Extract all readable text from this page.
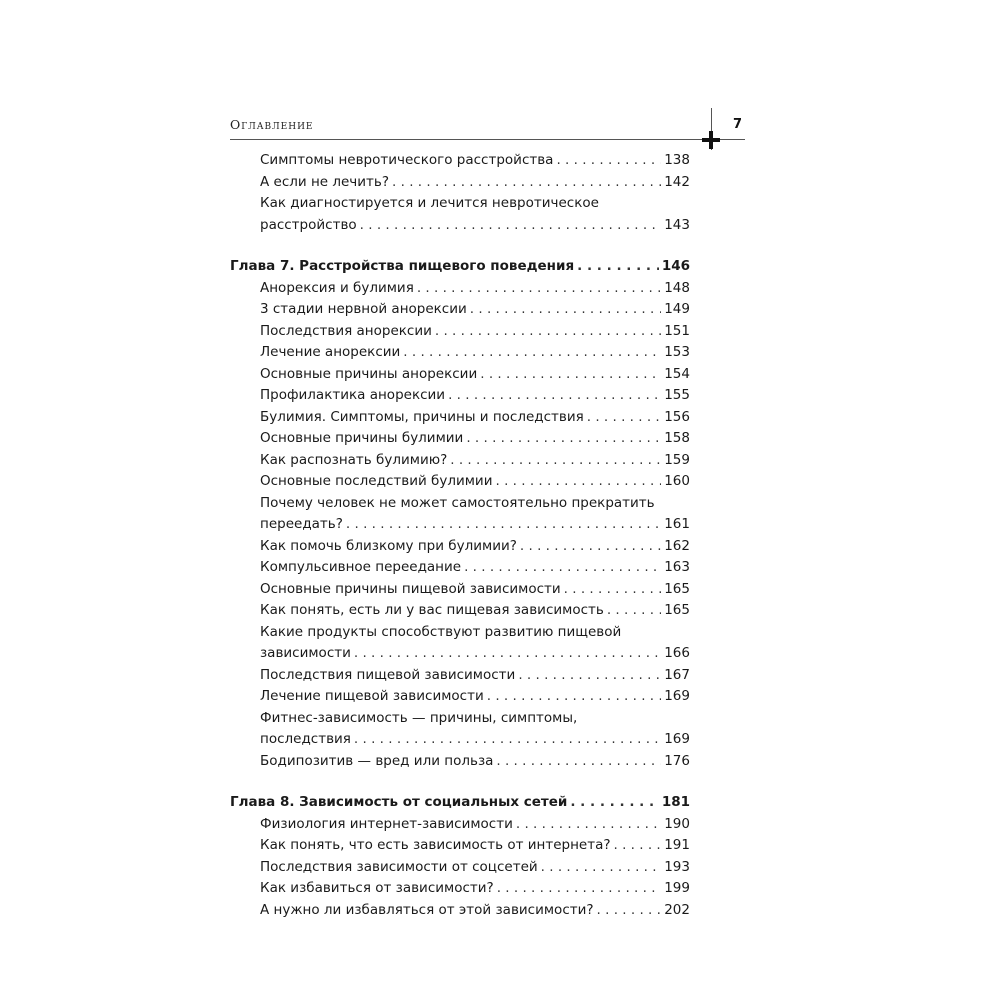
Оглавление	7
Симптомы невротического расстройства . . .	138
А если не лечить? . . .	142
Как диагностируется и лечится невротическое
расстройство . . .	143
Глава 7. Расстройства пищевого поведения . . .	146
Анорексия и булимия . . .	148
3 стадии нервной анорексии . . .	149
Последствия анорексии . . .	151
Лечение анорексии . . .	153
Основные причины анорексии . . .	154
Профилактика анорексии . . .	155
Булимия. Симптомы, причины и последствия . . .	156
Основные причины булимии . . .	158
Как распознать булимию? . . .	159
Основные последствий булимии . . .	160
Почему человек не может самостоятельно прекратить
переедать? . . .	161
Как помочь близкому при булимии? . . .	162
Компульсивное переедание . . .	163
Основные причины пищевой зависимости . . .	165
Как понять, есть ли у вас пищевая зависимость . . .	165
Какие продукты способствуют развитию пищевой
зависимости . . .	166
Последствия пищевой зависимости . . .	167
Лечение пищевой зависимости . . .	169
Фитнес-зависимость — причины, симптомы,
последствия . . .	169
Бодипозитив — вред или польза . . .	176
Глава 8. Зависимость от социальных сетей . . .	181
Физиология интернет-зависимости . . .	190
Как понять, что есть зависимость от интернета? . . .	191
Последствия зависимости от соцсетей . . .	193
Как избавиться от зависимости? . . .	199
А нужно ли избавляться от этой зависимости? . . .	202
